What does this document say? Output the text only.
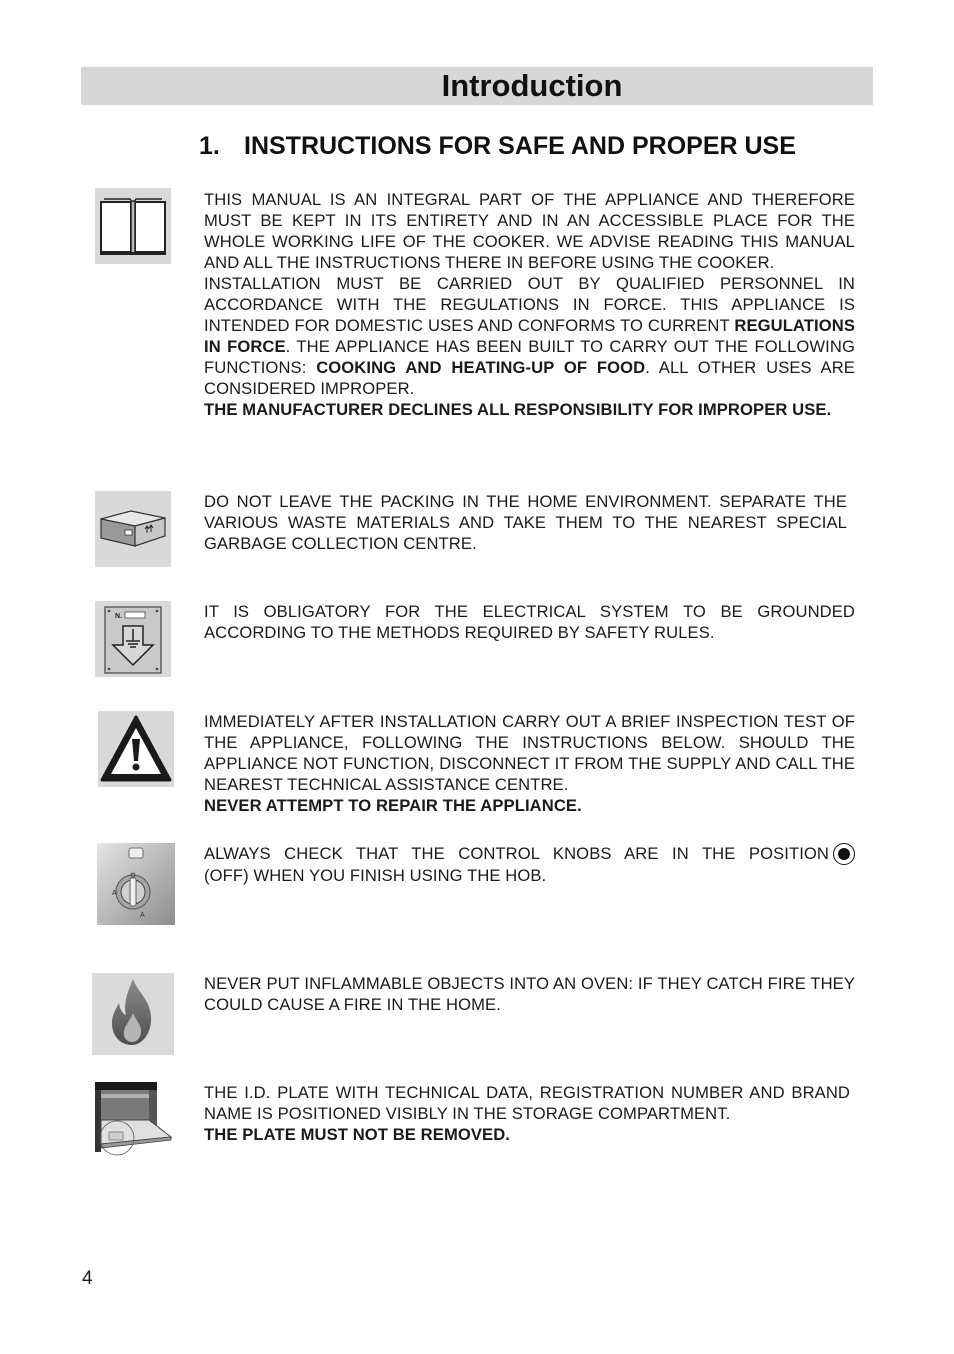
Introduction
1. INSTRUCTIONS FOR SAFE AND PROPER USE

THIS MANUAL IS AN INTEGRAL PART OF THE APPLIANCE AND THEREFORE MUST BE KEPT IN ITS ENTIRETY AND IN AN ACCESSIBLE PLACE FOR THE WHOLE WORKING LIFE OF THE COOKER. WE ADVISE READING THIS MANUAL AND ALL THE INSTRUCTIONS THERE IN BEFORE USING THE COOKER.

INSTALLATION MUST BE CARRIED OUT BY QUALIFIED PERSONNEL IN ACCORDANCE WITH THE REGULATIONS IN FORCE. THIS APPLIANCE IS INTENDED FOR DOMESTIC USES AND CONFORMS TO CURRENT REGULATIONS IN FORCE. THE APPLIANCE HAS BEEN BUILT TO CARRY OUT THE FOLLOWING FUNCTIONS: COOKING AND HEATING-UP OF FOOD. ALL OTHER USES ARE CONSIDERED IMPROPER.

THE MANUFACTURER DECLINES ALL RESPONSIBILITY FOR IMPROPER USE.

DO NOT LEAVE THE PACKING IN THE HOME ENVIRONMENT. SEPARATE THE VARIOUS WASTE MATERIALS AND TAKE THEM TO THE NEAREST SPECIAL GARBAGE COLLECTION CENTRE.

N.	IT IS OBLIGATORY FOR THE ELECTRICAL SYSTEM TO BE GROUNDED ACCORDING TO THE METHODS REQUIRED BY SAFETY RULES.

IMMEDIATELY AFTER INSTALLATION CARRY OUT A BRIEF INSPECTION TEST OF THE APPLIANCE, FOLLOWING THE INSTRUCTIONS BELOW. SHOULD THE APPLIANCE NOT FUNCTION, DISCONNECT IT FROM THE SUPPLY AND CALL THE NEAREST TECHNICAL ASSISTANCE CENTRE.

NEVER ATTEMPT TO REPAIR THE APPLIANCE.

A
A

ALWAYS CHECK THAT THE CONTROL KNOBS ARE IN THE POSITION

(OFF) WHEN YOU FINISH USING THE HOB.

NEVER PUT INFLAMMABLE OBJECTS INTO AN OVEN: IF THEY CATCH FIRE THEY COULD CAUSE A FIRE IN THE HOME.

THE I.D. PLATE WITH TECHNICAL DATA, REGISTRATION NUMBER AND BRAND NAME IS POSITIONED VISIBLY IN THE STORAGE COMPARTMENT.

THE PLATE MUST NOT BE REMOVED.

4
